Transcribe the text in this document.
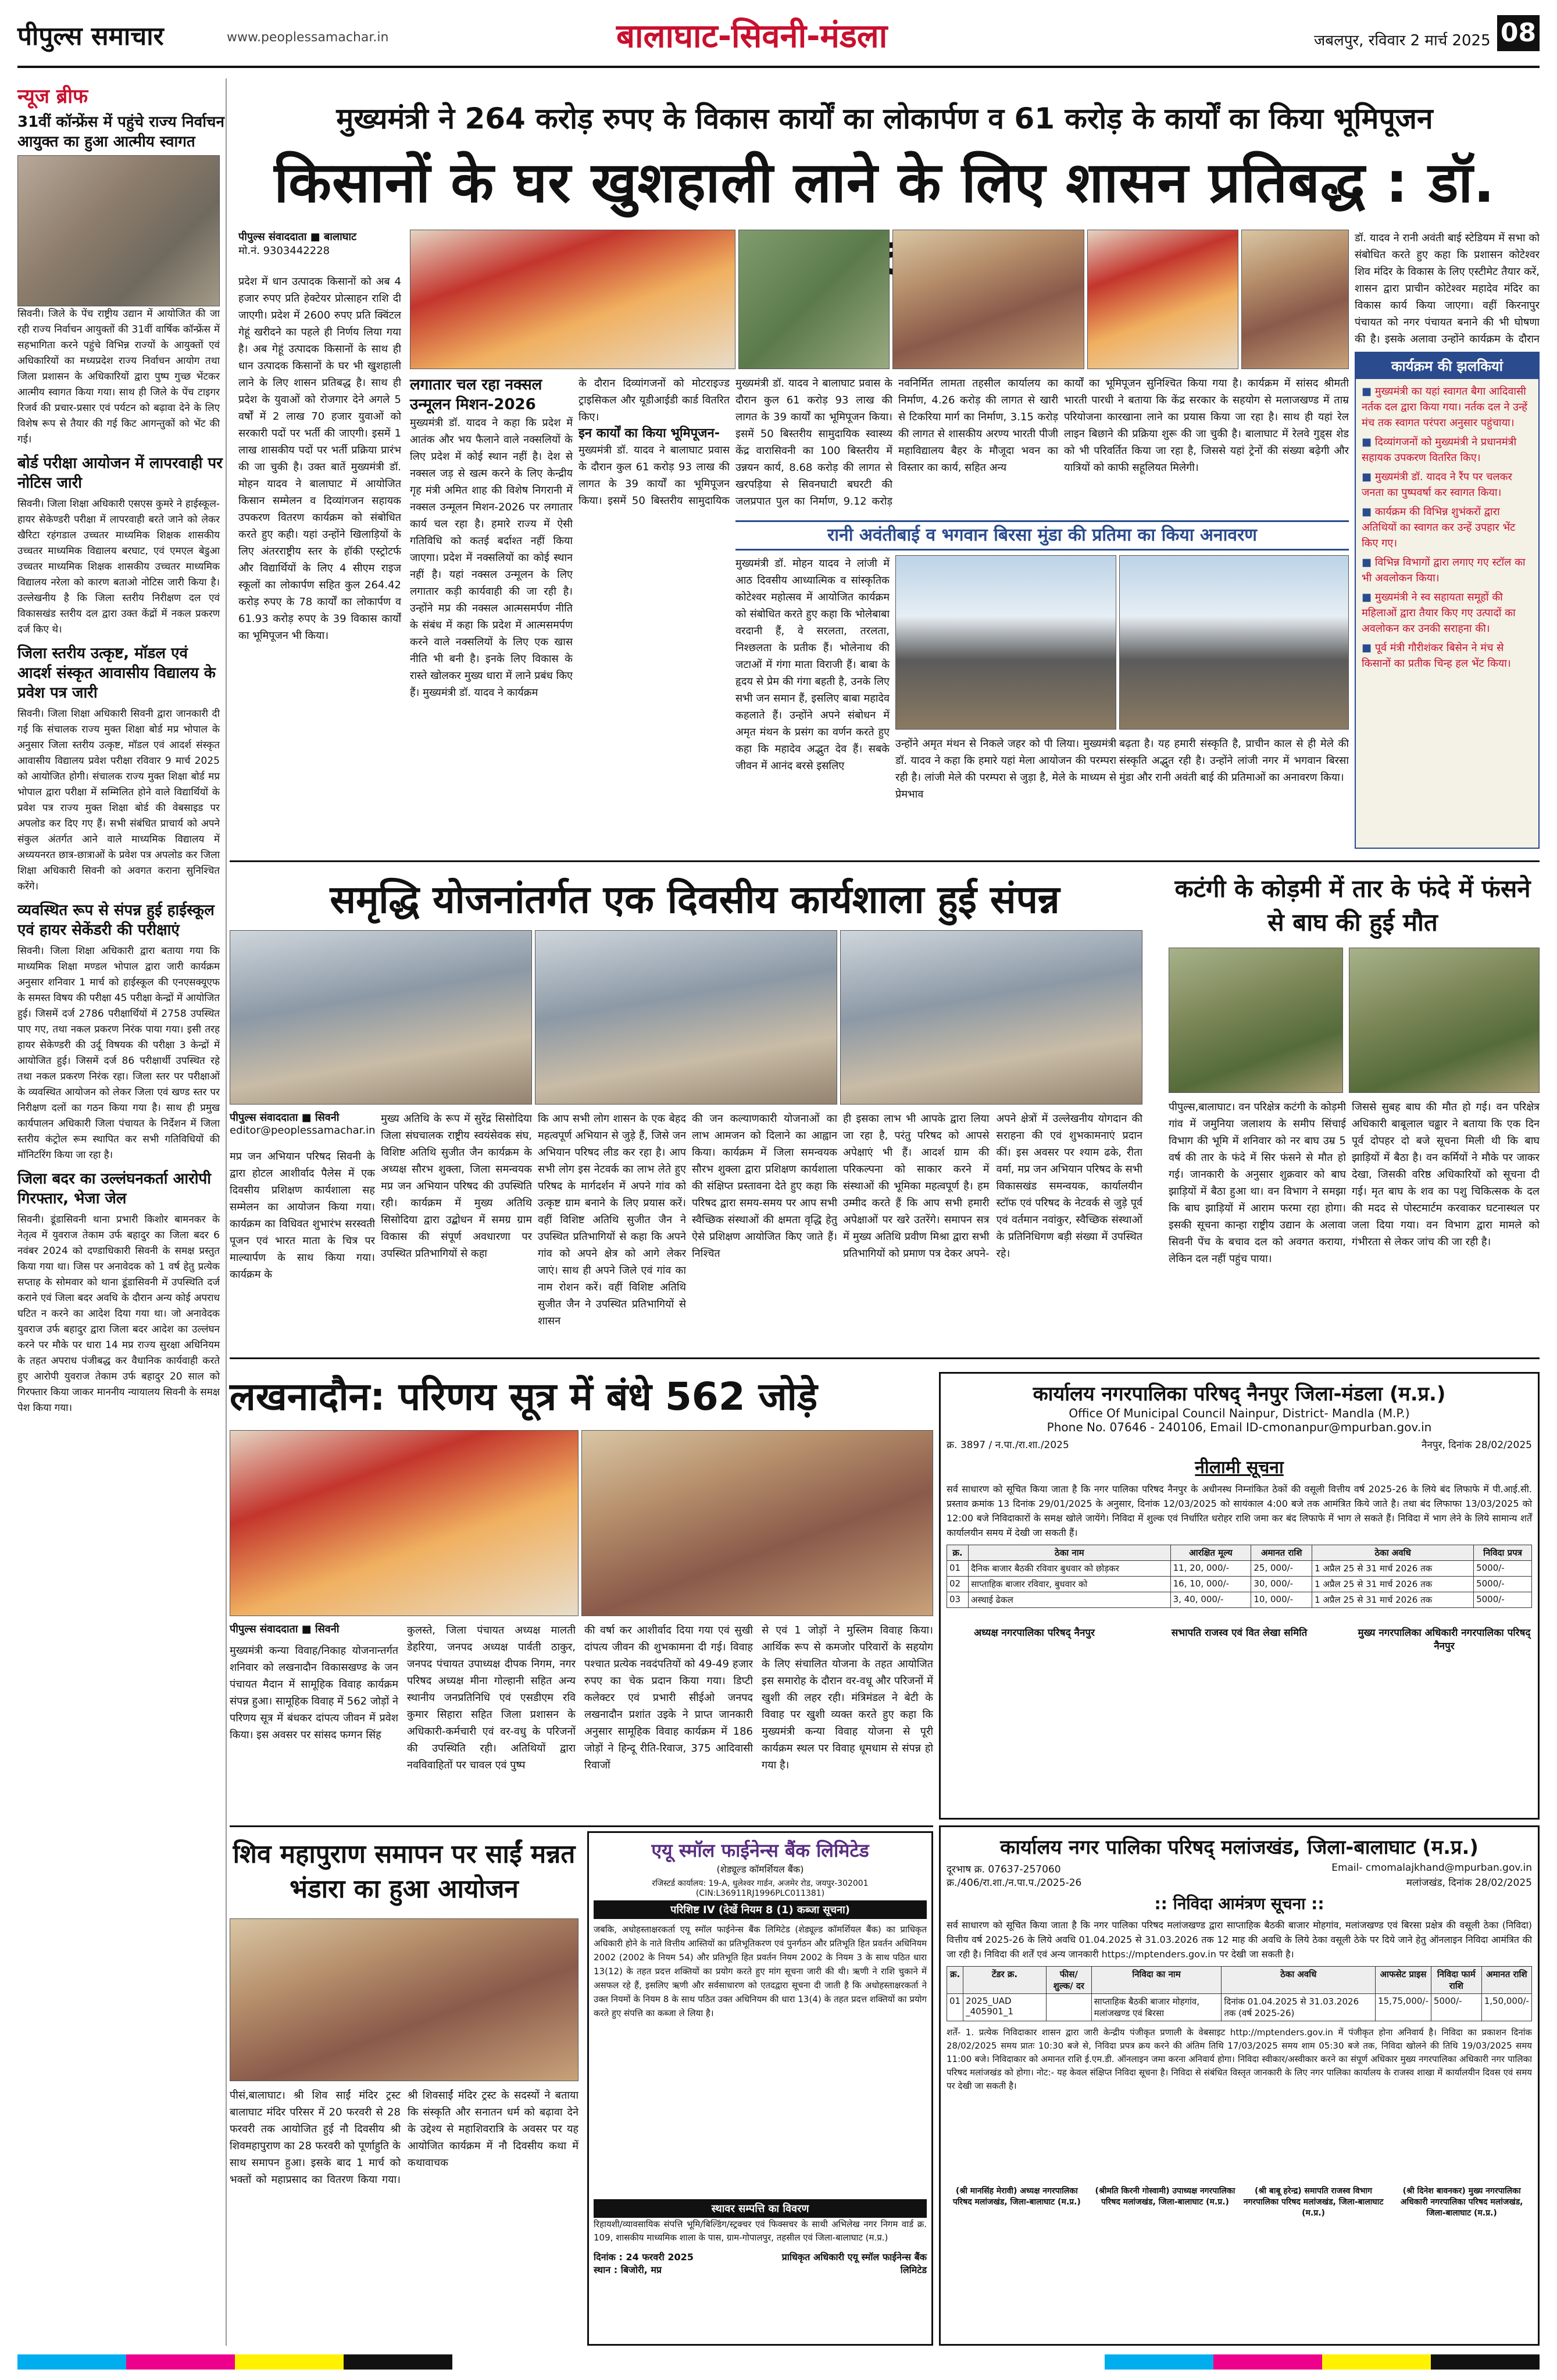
पीपुल्स समाचार	www.peoplessamachar.in	बालाघाट-सिवनी-मंडला	जबलपुर, रविवार 2 मार्च 2025 08
न्यूज ब्रीफ
31वीं कॉन्फ्रेंस में पहुंचे राज्य निर्वाचन आयुक्त का हुआ आत्मीय स्वागत
सिवनी। जिले के पेंच राष्ट्रीय उद्यान में आयोजित की जा रही राज्य निर्वाचन आयुक्तों की 31वीं वार्षिक कॉन्फ्रेंस में सहभागिता करने पहुंचे विभिन्न राज्यों के आयुक्तों एवं अधिकारियों का मध्यप्रदेश राज्य निर्वाचन आयोग तथा जिला प्रशासन के अधिकारियों द्वारा पुष्प गुच्छ भेंटकर आत्मीय स्वागत किया गया। साथ ही जिले के पेंच टाइगर रिजर्व की प्रचार-प्रसार एवं पर्यटन को बढ़ावा देने के लिए विशेष रूप से तैयार की गई किट आगन्तुकों को भेंट की गई।
बोर्ड परीक्षा आयोजन में लापरवाही पर नोटिस जारी
सिवनी। जिला शिक्षा अधिकारी एसएस कुमरे ने हाईस्कूल-हायर सेकेण्डरी परीक्षा में लापरवाही बरते जाने को लेकर खैरिटा रहंगडाल उच्चतर माध्यमिक शिक्षक शासकीय उच्चतर माध्यमिक विद्यालय बरघाट, एवं एमएल बेडुआ उच्चतर माध्यमिक शिक्षक शासकीय उच्चतर माध्यमिक विद्यालय नरेला को कारण बताओ नोटिस जारी किया है। उल्लेखनीय है कि जिला स्तरीय निरीक्षण दल एवं विकासखंड स्तरीय दल द्वारा उक्त केंद्रों में नकल प्रकरण दर्ज किए थे।
जिला स्तरीय उत्कृष्ट, मॉडल एवं आदर्श संस्कृत आवासीय विद्यालय के प्रवेश पत्र जारी
सिवनी। जिला शिक्षा अधिकारी सिवनी द्वारा जानकारी दी गई कि संचालक राज्य मुक्त शिक्षा बोर्ड मप्र भोपाल के अनुसार जिला स्तरीय उत्कृष्ट, मॉडल एवं आदर्श संस्कृत आवासीय विद्यालय प्रवेश परीक्षा रविवार 9 मार्च 2025 को आयोजित होगी। संचालक राज्य मुक्त शिक्षा बोर्ड मप्र भोपाल द्वारा परीक्षा में सम्मिलित होने वाले विद्यार्थियों के प्रवेश पत्र राज्य मुक्त शिक्षा बोर्ड की वेबसाइड पर अपलोड कर दिए गए हैं। सभी संबंधित प्राचार्य को अपने संकुल अंतर्गत आने वाले माध्यमिक विद्यालय में अध्ययनरत छात्र-छात्राओं के प्रवेश पत्र अपलोड कर जिला शिक्षा अधिकारी सिवनी को अवगत कराना सुनिश्चित करेंगे।
व्यवस्थित रूप से संपन्न हुई हाईस्कूल एवं हायर सेकेंडरी की परीक्षाएं
सिवनी। जिला शिक्षा अधिकारी द्वारा बताया गया कि माध्यमिक शिक्षा मण्डल भोपाल द्वारा जारी कार्यक्रम अनुसार शनिवार 1 मार्च को हाईस्कूल की एनएसक्यूएफ के समस्त विषय की परीक्षा 45 परीक्षा केन्द्रों में आयोजित हुई। जिसमें दर्ज 2786 परीक्षार्थियों में 2758 उपस्थित पाए गए, तथा नकल प्रकरण निरंक पाया गया। इसी तरह हायर सेकेण्डरी की उर्दू विषयक की परीक्षा 3 केन्द्रों में आयोजित हुई। जिसमें दर्ज 86 परीक्षार्थी उपस्थित रहे तथा नकल प्रकरण निरंक रहा। जिला स्तर पर परीक्षाओं के व्यवस्थित आयोजन को लेकर जिला एवं खण्ड स्तर पर निरीक्षण दलों का गठन किया गया है। साथ ही प्रमुख कार्यपालन अधिकारी जिला पंचायत के निर्देशन में जिला स्तरीय कंट्रोल रूम स्थापित कर सभी गतिविधियों की मॉनिटरिंग किया जा रहा है।
जिला बदर का उल्लंघनकर्ता आरोपी गिरफ्तार, भेजा जेल
सिवनी। डूंडासिवनी थाना प्रभारी किशोर बामनकर के नेतृत्व में युवराज तेकाम उर्फ बहादुर का जिला बदर 6 नवंबर 2024 को दण्डाधिकारी सिवनी के समक्ष प्रस्तुत किया गया था। जिस पर अनावेदक को 1 वर्ष हेतु प्रत्येक सप्ताह के सोमवार को थाना डूंडासिवनी में उपस्थिति दर्ज कराने एवं जिला बदर अवधि के दौरान अन्य कोई अपराध घटित न करने का आदेश दिया गया था। जो अनावेदक युवराज उर्फ बहादुर द्वारा जिला बदर आदेश का उल्लंघन करने पर मौके पर धारा 14 मप्र राज्य सुरक्षा अधिनियम के तहत अपराध पंजीबद्ध कर वैधानिक कार्यवाही करते हुए आरोपी युवराज तेकाम उर्फ बहादुर 20 साल को गिरफ्तार किया जाकर माननीय न्यायालय सिवनी के समक्ष पेश किया गया।
मुख्यमंत्री ने 264 करोड़ रुपए के विकास कार्यों का लोकार्पण व 61 करोड़ के कार्यों का किया भूमिपूजन
किसानों के घर खुशहाली लाने के लिए शासन प्रतिबद्ध : डॉ.
पीपुल्स संवाददाता ■ बालाघाट
मो.नं. 9303442228
प्रदेश में धान उत्पादक किसानों को अब 4 हजार रुपए प्रति हेक्टेयर प्रोत्साहन राशि दी जाएगी। प्रदेश में 2600 रुपए प्रति क्विंटल गेहूं खरीदने का पहले ही निर्णय लिया गया है। अब गेहूं उत्पादक किसानों के साथ ही धान उत्पादक किसानों के घर भी खुशहाली लाने के लिए शासन प्रतिबद्ध है। साथ ही प्रदेश के युवाओं को रोजगार देने अगले 5 वर्षों में 2 लाख 70 हजार युवाओं को सरकारी पदों पर भर्ती की जाएगी। इसमें 1 लाख शासकीय पदों पर भर्ती प्रक्रिया प्रारंभ की जा चुकी है। उक्त बातें मुख्यमंत्री डॉ. मोहन यादव ने बालाघाट में आयोजित किसान सम्मेलन व दिव्यांगजन सहायक उपकरण वितरण कार्यक्रम को संबोधित करते हुए कही। यहां उन्होंने खिलाड़ियों के लिए अंतरराष्ट्रीय स्तर के हॉकी एस्ट्रोटर्फ और विद्यार्थियों के लिए 4 सीएम राइज स्कूलों का लोकार्पण सहित कुल 264.42 करोड़ रुपए के 78 कार्यों का लोकार्पण व 61.93 करोड़ रुपए के 39 विकास कार्यों का भूमिपूजन भी किया।
लगातार चल रहा नक्सल उन्मूलन मिशन-2026
मुख्यमंत्री डॉ. यादव ने कहा कि प्रदेश में आतंक और भय फैलाने वाले नक्सलियों के लिए प्रदेश में कोई स्थान नहीं है। देश से नक्सल जड़ से खत्म करने के लिए केन्द्रीय गृह मंत्री अमित शाह की विशेष निगरानी में नक्सल उन्मूलन मिशन-2026 पर लगातार कार्य चल रहा है। हमारे राज्य में ऐसी गतिविधि को कतई बर्दाश्त नहीं किया जाएगा। प्रदेश में नक्सलियों का कोई स्थान नहीं है। यहां नक्सल उन्मूलन के लिए लगातार कड़ी कार्यवाही की जा रही है। उन्होंने मप्र की नक्सल आत्मसमर्पण नीति के संबंध में कहा कि प्रदेश में आत्मसमर्पण करने वाले नक्सलियों के लिए एक खास नीति भी बनी है। इनके लिए विकास के रास्ते खोलकर मुख्य धारा में लाने प्रबंध किए हैं। मुख्यमंत्री डॉ. यादव ने कार्यक्रम
के दौरान दिव्यांगजनों को मोटराइज्ड ट्राइसिकल और यूडीआईडी कार्ड वितरित किए।
इन कार्यों का किया भूमिपूजन-
मुख्यमंत्री डॉ. यादव ने बालाघाट प्रवास के दौरान कुल 61 करोड़ 93 लाख की लागत के 39 कार्यों का भूमिपूजन किया। इसमें 50 बिस्तरीय सामुदायिक
मुख्यमंत्री डॉ. यादव ने बालाघाट प्रवास के दौरान कुल 61 करोड़ 93 लाख की लागत के 39 कार्यों का भूमिपूजन किया। इसमें 50 बिस्तरीय सामुदायिक स्वास्थ्य केंद्र वारासिवनी का 100 बिस्तरीय में उन्नयन कार्य, 8.68 करोड़ की लागत से खरपड़िया से सिवनघाटी बघरटी की जलप्रपात पुल का निर्माण, 9.12 करोड़
नवनिर्मित लामता तहसील कार्यालय का निर्माण, 4.26 करोड़ की लागत से खारी से टिकरिया मार्ग का निर्माण, 3.15 करोड़ की लागत से शासकीय अरण्य भारती पीजी महाविद्यालय बैहर के मौजूदा भवन का विस्तार का कार्य, सहित अन्य
कार्यों का भूमिपूजन सुनिश्चित किया गया है। कार्यक्रम में सांसद श्रीमती भारती पारधी ने बताया कि केंद्र सरकार के सहयोग से मलाजखण्ड में ताम्र परियोजना कारखाना लाने का प्रयास किया जा रहा है। साथ ही यहां रेल लाइन बिछाने की प्रक्रिया शुरू की जा चुकी है। बालाघाट में रेलवे गुड्स शेड को भी परिवर्तित किया जा रहा है, जिससे यहां ट्रेनों की संख्या बढ़ेगी और यात्रियों को काफी सहूलियत मिलेगी।
डॉ. यादव ने रानी अवंती बाई स्टेडियम में सभा को संबोधित करते हुए कहा कि प्रशासन कोटेश्वर शिव मंदिर के विकास के लिए एस्टीमेट तैयार करें, शासन द्वारा प्राचीन कोटेश्वर महादेव मंदिर का विकास कार्य किया जाएगा। वहीं किरनापुर पंचायत को नगर पंचायत बनाने की भी घोषणा की है। इसके अलावा उन्होंने कार्यक्रम के दौरान
रानी अवंतीबाई व भगवान बिरसा मुंडा की प्रतिमा का किया अनावरण
मुख्यमंत्री डॉ. मोहन यादव ने लांजी में आठ दिवसीय आध्यात्मिक व सांस्कृतिक कोटेश्वर महोत्सव में आयोजित कार्यक्रम को संबोधित करते हुए कहा कि भोलेबाबा वरदानी हैं, वे सरलता, तरलता, निश्छलता के प्रतीक हैं। भोलेनाथ की जटाओं में गंगा माता विराजी हैं। बाबा के हृदय से प्रेम की गंगा बहती है, उनके लिए सभी जन समान हैं, इसलिए बाबा महादेव कहलाते हैं। उन्होंने अपने संबोधन में अमृत मंथन के प्रसंग का वर्णन करते हुए कहा कि महादेव अद्भुत देव हैं। सबके जीवन में आनंद बरसे इसलिए
उन्होंने अमृत मंथन से निकले जहर को पी लिया। मुख्यमंत्री डॉ. यादव ने कहा कि हमारे यहां मेला आयोजन की परम्परा रही है। लांजी मेले की परम्परा से जुड़ा है, मेले के माध्यम से प्रेमभाव
बढ़ता है। यह हमारी संस्कृति है, प्राचीन काल से ही मेले की संस्कृति अद्भुत रही है। उन्होंने लांजी नगर में भगवान बिरसा मुंडा और रानी अवंती बाई की प्रतिमाओं का अनावरण किया।
कार्यक्रम की झलकियां
■ मुख्यमंत्री का यहां स्वागत बैगा आदिवासी नर्तक दल द्वारा किया गया। नर्तक दल ने उन्हें मंच तक स्वागत परंपरा अनुसार पहुंचाया।
■ दिव्यांगजनों को मुख्यमंत्री ने प्रधानमंत्री सहायक उपकरण वितरित किए।
■ मुख्यमंत्री डॉ. यादव ने रैंप पर चलकर जनता का पुष्पवर्षा कर स्वागत किया।
■ कार्यक्रम की विभिन्न शुभंकरों द्वारा अतिथियों का स्वागत कर उन्हें उपहार भेंट किए गए।
■ विभिन्न विभागों द्वारा लगाए गए स्टॉल का भी अवलोकन किया।
■ मुख्यमंत्री ने स्व सहायता समूहों की महिलाओं द्वारा तैयार किए गए उत्पादों का अवलोकन कर उनकी सराहना की।
■ पूर्व मंत्री गौरीशंकर बिसेन ने मंच से किसानों का प्रतीक चिन्ह हल भेंट किया।
समृद्धि योजनांतर्गत एक दिवसीय कार्यशाला हुई संपन्न
पीपुल्स संवाददाता ■ सिवनी
editor@peoplessamachar.in
मप्र जन अभियान परिषद सिवनी के द्वारा होटल आशीर्वाद पैलेस में एक दिवसीय प्रशिक्षण कार्यशाला सह सम्मेलन का आयोजन किया गया। कार्यक्रम का विधिवत शुभारंभ सरस्वती पूजन एवं भारत माता के चित्र पर माल्यार्पण के साथ किया गया। कार्यक्रम के
मुख्य अतिथि के रूप में सुरेंद्र सिसोदिया जिला संघचालक राष्ट्रीय स्वयंसेवक संघ, विशिष्ट अतिथि सुजीत जैन कार्यक्रम के अध्यक्ष सौरभ शुक्ला, जिला समन्वयक मप्र जन अभियान परिषद की उपस्थिति रही। कार्यक्रम में मुख्य अतिथि सिसोदिया द्वारा उद्बोधन में समग्र ग्राम विकास की संपूर्ण अवधारणा पर उपस्थित प्रतिभागियों से कहा
कि आप सभी लोग शासन के एक बेहद महत्वपूर्ण अभियान से जुड़े हैं, जिसे जन अभियान परिषद लीड कर रहा है। आप सभी लोग इस नेटवर्क का लाभ लेते हुए परिषद के मार्गदर्शन में अपने गांव को उत्कृष्ट ग्राम बनाने के लिए प्रयास करें। वहीं विशिष्ट अतिथि सुजीत जैन ने उपस्थित प्रतिभागियों से कहा कि अपने गांव को अपने क्षेत्र को आगे लेकर जाएं। साथ ही अपने जिले एवं गांव का नाम रोशन करें। वहीं विशिष्ट अतिथि सुजीत जैन ने उपस्थित प्रतिभागियों से शासन
की जन कल्याणकारी योजनाओं का लाभ आमजन को दिलाने का आह्वान किया। कार्यक्रम में जिला समन्वयक सौरभ शुक्ला द्वारा प्रशिक्षण कार्यशाला की संक्षिप्त प्रस्तावना देते हुए कहा कि परिषद द्वारा समय-समय पर आप सभी स्वैच्छिक संस्थाओं की क्षमता वृद्धि हेतु ऐसे प्रशिक्षण आयोजित किए जाते हैं। निश्चित
ही इसका लाभ भी आपके द्वारा लिया जा रहा है, परंतु परिषद को आपसे अपेक्षाएं भी हैं। आदर्श ग्राम की परिकल्पना को साकार करने में संस्थाओं की भूमिका महत्वपूर्ण है। हम उम्मीद करते हैं कि आप सभी हमारी अपेक्षाओं पर खरे उतरेंगे। समापन सत्र में मुख्य अतिथि प्रवीण मिश्रा द्वारा सभी प्रतिभागियों को प्रमाण पत्र देकर अपने-अपने क्षेत्रों में उल्लेखनीय योगदान की सराहना की एवं शुभकामनाएं प्रदान कीं। इस अवसर पर श्याम ढके, रीता वर्मा, मप्र जन अभियान परिषद के सभी विकासखंड समन्वयक, कार्यालयीन स्टॉफ एवं परिषद के नेटवर्क से जुड़े पूर्व एवं वर्तमान नवांकुर, स्वैच्छिक संस्थाओं के प्रतिनिधिगण बड़ी संख्या में उपस्थित रहे।
कटंगी के कोड़मी में तार के फंदे में फंसने से बाघ की हुई मौत
पीपुल्स,बालाघाट। वन परिक्षेत्र कटंगी के कोड़मी गांव में जमुनिया जलाशय के समीप सिंचाई विभाग की भूमि में शनिवार को नर बाघ उम्र 5 वर्ष की तार के फंदे में सिर फंसने से मौत हो गई। जानकारी के अनुसार शुक्रवार को बाघ झाड़ियों में बैठा हुआ था। वन विभाग ने समझा कि बाघ झाड़ियों में आराम फरमा रहा होगा। इसकी सूचना कान्हा राष्ट्रीय उद्यान के अलावा सिवनी पेंच के बचाव दल को अवगत कराया, लेकिन दल नहीं पहुंच पाया।
जिससे सुबह बाघ की मौत हो गई। वन परिक्षेत्र अधिकारी बाबूलाल चढ्ढार ने बताया कि एक दिन पूर्व दोपहर दो बजे सूचना मिली थी कि बाघ झाड़ियों में बैठा है। वन कर्मियों ने मौके पर जाकर देखा, जिसकी वरिष्ठ अधिकारियों को सूचना दी गई। मृत बाघ के शव का पशु चिकित्सक के दल की मदद से पोस्टमार्टम करवाकर घटनास्थल पर जला दिया गया। वन विभाग द्वारा मामले को गंभीरता से लेकर जांच की जा रही है।
लखनादौन: परिणय सूत्र में बंधे 562 जोड़े
पीपुल्स संवाददाता ■ सिवनी
मुख्यमंत्री कन्या विवाह/निकाह योजनान्तर्गत शनिवार को लखनादौन विकासखण्ड के जन पंचायत मैदान में सामूहिक विवाह कार्यक्रम संपन्न हुआ। सामूहिक विवाह में 562 जोड़ों ने परिणय सूत्र में बंधकर दांपत्य जीवन में प्रवेश किया। इस अवसर पर सांसद फग्गन सिंह
कुलस्ते, जिला पंचायत अध्यक्ष मालती डेहरिया, जनपद अध्यक्ष पार्वती ठाकुर, जनपद पंचायत उपाध्यक्ष दीपक निगम, नगर परिषद अध्यक्ष मीना गोल्हानी सहित अन्य स्थानीय जनप्रतिनिधि एवं एसडीएम रवि कुमार सिहारा सहित जिला प्रशासन के अधिकारी-कर्मचारी एवं वर-वधु के परिजनों की उपस्थिति रही। अतिथियों द्वारा नवविवाहितों पर चावल एवं पुष्प
की वर्षा कर आशीर्वाद दिया गया एवं सुखी दांपत्य जीवन की शुभकामना दी गई। विवाह पश्चात प्रत्येक नवदंपतियों को 49-49 हजार रुपए का चेक प्रदान किया गया। डिप्टी कलेक्टर एवं प्रभारी सीईओ जनपद लखनादौन प्रशांत उइके ने प्राप्त जानकारी अनुसार सामूहिक विवाह कार्यक्रम में 186 जोड़ों ने हिन्दू रीति-रिवाज, 375 आदिवासी रिवाजों
से एवं 1 जोड़ों ने मुस्लिम विवाह किया। आर्थिक रूप से कमजोर परिवारों के सहयोग के लिए संचालित योजना के तहत आयोजित इस समारोह के दौरान वर-वधू और परिजनों में खुशी की लहर रही। मंत्रिमंडल ने बेटी के विवाह पर खुशी व्यक्त करते हुए कहा कि मुख्यमंत्री कन्या विवाह योजना से पूरी कार्यक्रम स्थल पर विवाह धूमधाम से संपन्न हो गया है।
शिव महापुराण समापन पर साईं मन्नत भंडारा का हुआ आयोजन
पीसं,बालाघाट। श्री शिव साईं मंदिर ट्रस्ट बालाघाट मंदिर परिसर में 20 फरवरी से 28 फरवरी तक आयोजित हुई नौ दिवसीय श्री शिवमहापुराण का 28 फरवरी को पूर्णाहुति के साथ समापन हुआ। इसके बाद 1 मार्च को भक्तों को महाप्रसाद का वितरण किया गया। श्री शिवसाईं मंदिर ट्रस्ट के सदस्यों ने बताया कि संस्कृति और सनातन धर्म को बढ़ावा देने के उद्देश्य से महाशिवरात्रि के अवसर पर यह आयोजित कार्यक्रम में नौ दिवसीय कथा में कथावाचक
एयू स्मॉल फाईनेन्स बैंक लिमिटेड
(शेड्यूल्ड कॉमर्शियल बैंक)
रजिस्टर्ड कार्यालय: 19-A, धुलेश्वर गार्डन, अजमेर रोड, जयपुर-302001 (CIN:L36911RJ1996PLC011381)
परिशिष्ट IV (देखें नियम 8 (1) कब्जा सूचना)
जबकि, अधोहस्ताक्षरकर्ता एयू स्मॉल फाईनेन्स बैंक लिमिटेड (शेड्यूल्ड कॉमर्शियल बैंक) का प्राधिकृत अधिकारी होने के नाते वित्तीय आस्तियों का प्रतिभूतिकरण एवं पुनर्गठन और प्रतिभूति हित प्रवर्तन अधिनियम 2002 (2002 के नियम 54) और प्रतिभूति हित प्रवर्तन नियम 2002 के नियम 3 के साथ पठित धारा 13(12) के तहत प्रदत्त शक्तियों का प्रयोग करते हुए मांग सूचना जारी की थी। ऋणी ने राशि चुकाने में असफल रहे हैं, इसलिए ऋणी और सर्वसाधारण को एतदद्वारा सूचना दी जाती है कि अधोहस्ताक्षरकर्ता ने उक्त नियमों के नियम 8 के साथ पठित उक्त अधिनियम की धारा 13(4) के तहत प्रदत्त शक्तियों का प्रयोग करते हुए संपत्ति का कब्जा ले लिया है।
स्थावर सम्पत्ति का विवरण
रिहायशी/व्यावसायिक संपत्ति भूमि/बिल्डिंग/स्ट्रक्चर एवं फिक्सचर के साथी अभिलेख नगर निगम वार्ड क्र. 109, शासकीय माध्यमिक शाला के पास, ग्राम-गोपालपुर, तहसील एवं जिला-बालाघाट (म.प्र.)
दिनांक : 24 फरवरी 2025
स्थान : बिजोरी, मप्र
प्राधिकृत अधिकारी एयू स्मॉल फाईनेन्स बैंक लिमिटेड
कार्यालय नगरपालिका परिषद् नैनपुर जिला-मंडला (म.प्र.)
Office Of Municipal Council Nainpur, District- Mandla (M.P.)
Phone No. 07646 - 240106, Email ID-cmonanpur@mpurban.gov.in
क्र. 3897 / न.पा./रा.शा./2025	नैनपुर, दिनांक 28/02/2025
नीलामी सूचना
सर्व साधारण को सूचित किया जाता है कि नगर पालिका परिषद नैनपुर के अधीनस्थ निम्नांकित ठेकों की वसूली वित्तीय वर्ष 2025-26 के लिये बंद लिफाफे में पी.आई.सी. प्रस्ताव क्रमांक 13 दिनांक 29/01/2025 के अनुसार, दिनांक 12/03/2025 को सायंकाल 4:00 बजे तक आमंत्रित किये जाते है। तथा बंद लिफाफा 13/03/2025 को 12:00 बजे निविदाकारों के समक्ष खोले जायेंगे। निविदा में शुल्क एवं निर्धारित धरोहर राशि जमा कर बंद लिफाफे में भाग ले सकते हैं। निविदा में भाग लेने के लिये सामान्य शर्तें कार्यालयीन समय में देखी जा सकती हैं।
क्र.	ठेका नाम	आरक्षित मूल्य	अमानत राशि	ठेका अवधि	निविदा प्रपत्र
01	दैनिक बाजार बैठकी रविवार बुधवार को छोड़कर	11, 20, 000/-	25, 000/-	1 अप्रैल 25 से 31 मार्च 2026 तक	5000/-
02	साप्ताहिक बाजार रविवार, बुधवार को	16, 10, 000/-	30, 000/-	1 अप्रैल 25 से 31 मार्च 2026 तक	5000/-
03	अस्थाई ढेकल	3, 40, 000/-	10, 000/-	1 अप्रैल 25 से 31 मार्च 2026 तक	5000/-
अध्यक्ष नगरपालिका परिषद् नैनपुर	सभापति राजस्व एवं वित लेखा समिति	मुख्य नगरपालिका अधिकारी नगरपालिका परिषद् नैनपुर
कार्यालय नगर पालिका परिषद् मलांजखंड, जिला-बालाघाट (म.प्र.)
दूरभाष क्र. 07637-257060	Email- cmomalajkhand@mpurban.gov.in
क्र./406/रा.शा./न.पा.प./2025-26	मलांजखंड, दिनांक 28/02/2025
:: निविदा आमंत्रण सूचना ::
सर्व साधारण को सूचित किया जाता है कि नगर पालिका परिषद मलांजखण्ड द्वारा साप्ताहिक बैठकी बाजार मोहगांव, मलांजखण्ड एवं बिरसा प्रक्षेत्र की वसूली ठेका (निविदा) वित्तीय वर्ष 2025-26 के लिये अवधि 01.04.2025 से 31.03.2026 तक 12 माह की अवधि के लिये ठेका वसूली ठेके पर दिये जाने हेतु ऑनलाइन निविदा आमंत्रित की जा रही है। निविदा की शर्तें एवं अन्य जानकारी https://mptenders.gov.in पर देखी जा सकती है।
क्र.	टेंडर क्र.	फीस/ शुल्क/ दर	निविदा का नाम	ठेका अवधि	आफसेट प्राइस	निविदा फार्म राशि	अमानत राशि
01	2025_UAD _405901_1		साप्ताहिक बैठकी बाजार मोहगांव, मलांजखण्ड एवं बिरसा	दिनांक 01.04.2025 से 31.03.2026 तक (वर्ष 2025-26)	15,75,000/-	5000/-	1,50,000/-
शर्तें- 1. प्रत्येक निविदाकार शासन द्वारा जारी केन्द्रीय पंजीकृत प्रणाली के वेबसाइट http://mptenders.gov.in में पंजीकृत होना अनिवार्य है। निविदा का प्रकाशन दिनांक 28/02/2025 समय प्रातः 10:30 बजे से, निविदा प्रपत्र क्रय करने की अंतिम तिथि 17/03/2025 समय शाम 05:30 बजे तक, निविदा खोलने की तिथि 19/03/2025 समय 11:00 बजे। निविदाकार को अमानत राशि ई.एम.डी. ऑनलाइन जमा करना अनिवार्य होगा। निविदा स्वीकार/अस्वीकार करने का संपूर्ण अधिकार मुख्य नगरपालिका अधिकारी नगर पालिका परिषद मलांजखंड को होगा। नोट:- यह केवल संक्षिप्त निविदा सूचना है। निविदा से संबंधित विस्तृत जानकारी के लिए नगर पालिका कार्यालय के राजस्व शाखा में कार्यालयीन दिवस एवं समय पर देखी जा सकती है।
(श्री मानसिंह मेरावी) अध्यक्ष नगरपालिका परिषद मलांजखंड, जिला-बालाघाट (म.प्र.)
(श्रीमति किरनी गोस्वामी) उपाध्यक्ष नगरपालिका परिषद मलांजखंड, जिला-बालाघाट (म.प्र.)
(श्री बाबू हरेन्द्र) समापति राजस्व विभाग नगरपालिका परिषद मलांजखंड, जिला-बालाघाट (म.प्र.)
(श्री दिनेश बावनकर) मुख्य नगरपालिका अधिकारी नगरपालिका परिषद मलांजखंड, जिला-बालाघाट (म.प्र.)
